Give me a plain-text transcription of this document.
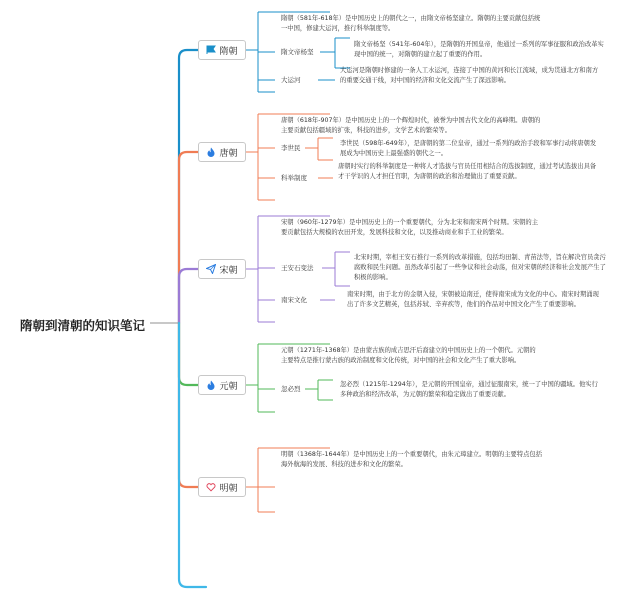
隋朝到清朝的知识笔记
隋朝
唐朝
宋朝
元朝
明朝

隋朝（581年-618年）是中国历史上的朝代之一，由隋文帝杨坚建立。隋朝的主要贡献包括统一中国，修建大运河，推行科举制度等。

隋文帝杨坚

隋文帝杨坚（541年-604年），是隋朝的开国皇帝，他通过一系列的军事征服和政治改革实现中国的统一，对隋朝的建立起了重要的作用。

大运河

大运河是隋朝时修建的一条人工水运河，连接了中国的黄河和长江流域，成为贯通北方和南方的重要交通干线，对中国的经济和文化交流产生了深远影响。

唐朝（618年-907年）是中国历史上的一个辉煌时代，被誉为中国古代文化的高峰期。唐朝的主要贡献包括疆域的扩张，科技的进步，文学艺术的繁荣等。

李世民

李世民（598年-649年），是唐朝的第二位皇帝，通过一系列的政治手段和军事行动将唐朝发展成为中国历史上最强盛的朝代之一。

科举制度

唐朝时实行的科举制度是一种将人才选拔与官员任用相结合的选拔制度，通过考试选拔出具备才干学识的人才担任官职，为唐朝的政治和治理做出了重要贡献。

宋朝（960年-1279年）是中国历史上的一个重要朝代，分为北宋和南宋两个时期。宋朝的主要贡献包括大规模的农田开发，发展科技和文化，以及推动商业和手工业的繁荣。

王安石变法

北宋时期，宰相王安石推行一系列的改革措施，包括均田制、青苗法等，旨在解决官员贪污腐败和民生问题。虽然改革引起了一些争议和社会动荡，但对宋朝的经济和社会发展产生了积极的影响。

南宋文化

南宋时期，由于北方的金朝入侵，宋朝被迫南迁，使得南宋成为文化的中心。南宋时期涌现出了许多文艺精英，包括苏轼、辛弃疾等，他们的作品对中国文化产生了重要影响。

元朝（1271年-1368年）是由蒙古族的成吉思汗后裔建立的中国历史上的一个朝代。元朝的主要特点是推行蒙古族的政治制度和文化传统，对中国的社会和文化产生了重大影响。

忽必烈

忽必烈（1215年-1294年），是元朝的开国皇帝，通过征服南宋，统一了中国的疆域。他实行多种政治和经济改革，为元朝的繁荣和稳定做出了重要贡献。

明朝（1368年-1644年）是中国历史上的一个重要朝代，由朱元璋建立。明朝的主要特点包括海外航海的发展、科技的进步和文化的繁荣。
